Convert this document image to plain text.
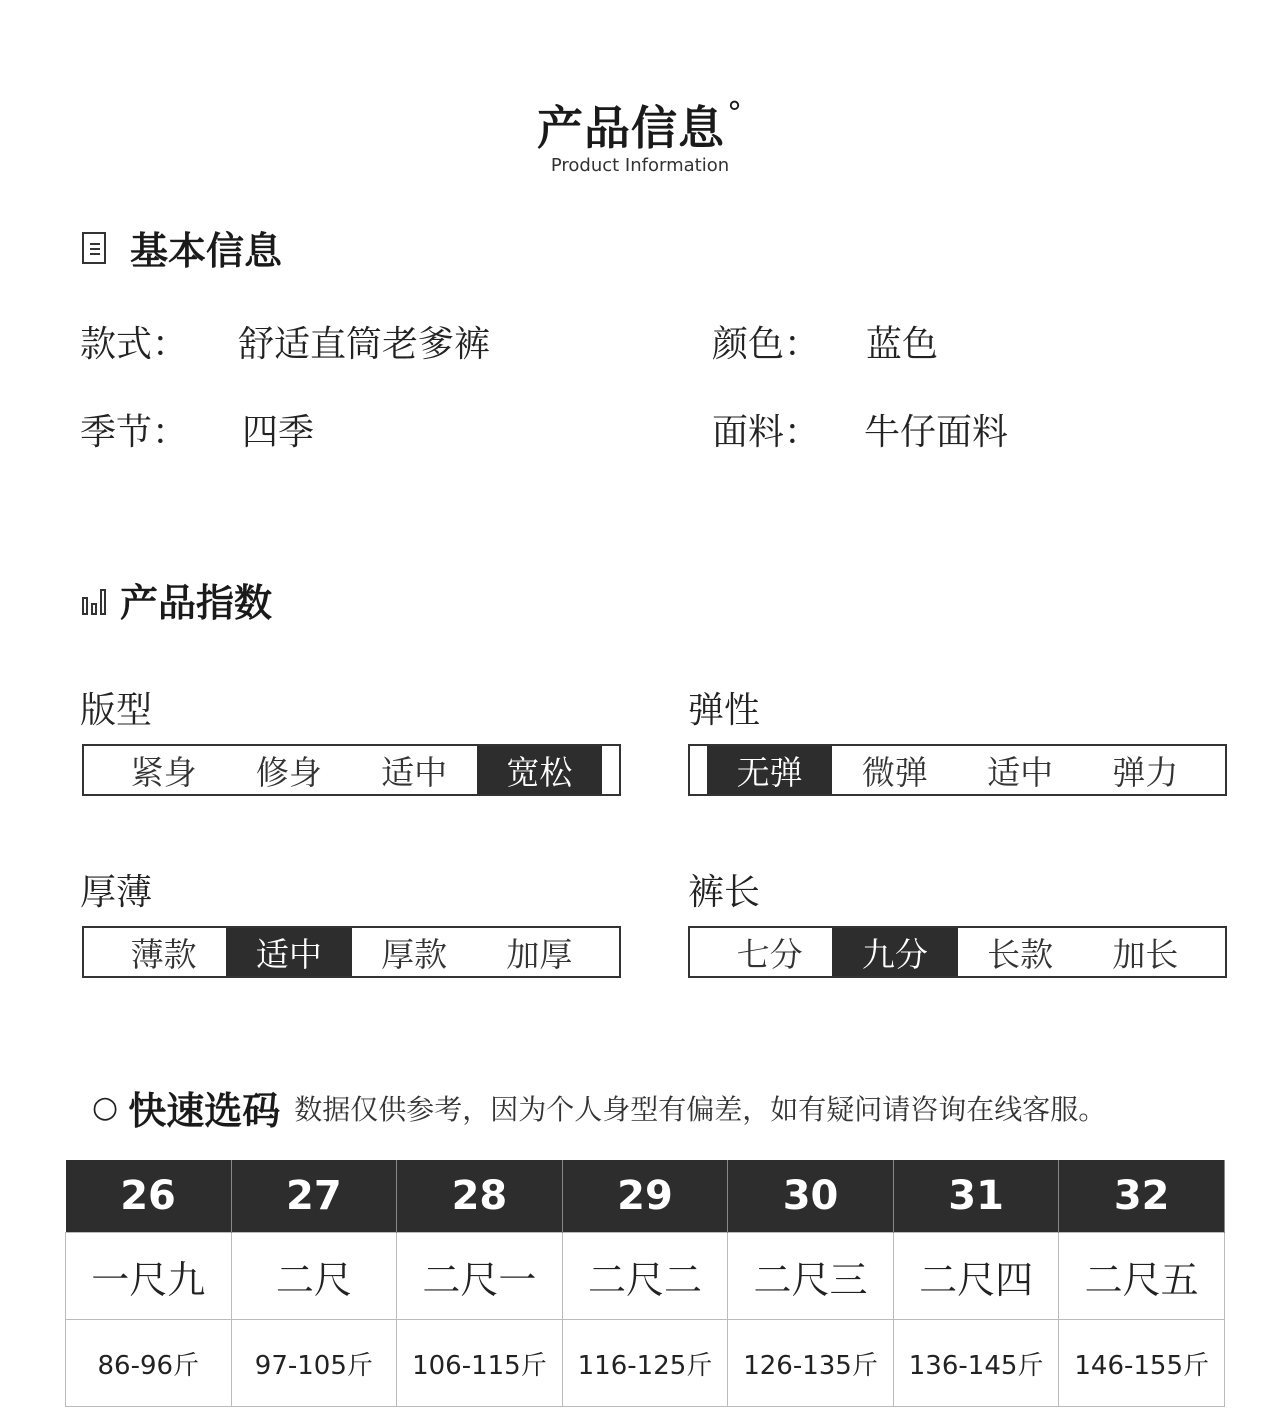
产品信息°
Product Information
基本信息
款式： 舒适直筒老爹裤	颜色： 蓝色
季节： 四季	面料： 牛仔面料
产品指数
版型
紧身	修身	适中	宽松
弹性
无弹	微弹	适中	弹力
厚薄
薄款	适中	厚款	加厚
裤长
七分	九分	长款	加长
○ 快速选码 数据仅供参考，因为个人身型有偏差，如有疑问请咨询在线客服。
26	27	28	29	30	31	32
一尺九	二尺	二尺一	二尺二	二尺三	二尺四	二尺五
86-96斤	97-105斤	106-115斤	116-125斤	126-135斤	136-145斤	146-155斤
